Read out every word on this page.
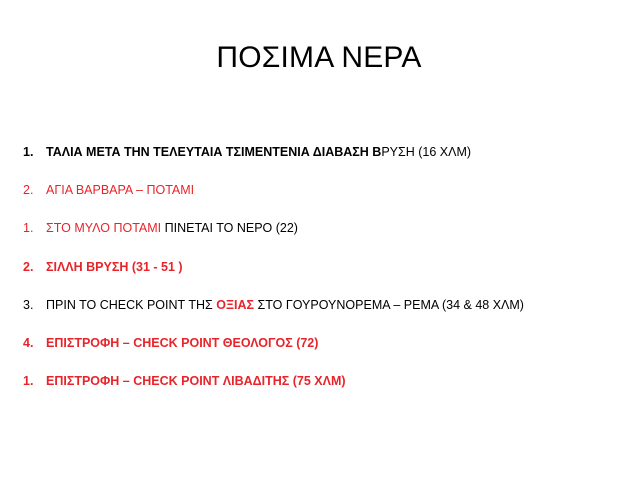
ΠΟΣΙΜΑ ΝΕΡΑ
1. ΤΑΛΙΑ ΜΕΤΑ ΤΗΝ ΤΕΛΕΥΤΑΙΑ ΤΣΙΜΕΝΤΕΝΙΑ ΔΙΑΒΑΣΗ ΒΡΥΣΗ (16 ΧΛΜ)
2. ΑΓΙΑ ΒΑΡΒΑΡΑ – ΠΟΤΑΜΙ
1. ΣΤΟ ΜΥΛΟ ΠΟΤΑΜΙ ΠΙΝΕΤΑΙ ΤΟ ΝΕΡΟ (22)
2. ΣΙΛΛΗ ΒΡΥΣΗ (31 - 51 )
3. ΠΡΙΝ ΤΟ CHECK POINT ΤΗΣ ΟΞΙΑΣ ΣΤΟ ΓΟΥΡΟΥΝΟΡΕΜΑ – ΡΕΜΑ (34 & 48 ΧΛΜ)
4. ΕΠΙΣΤΡΟΦΗ – CHECK POINT ΘΕΟΛΟΓΟΣ (72)
1. ΕΠΙΣΤΡΟΦΗ – CHECK POINT ΛΙΒΑΔΙΤΗΣ (75 ΧΛΜ)
